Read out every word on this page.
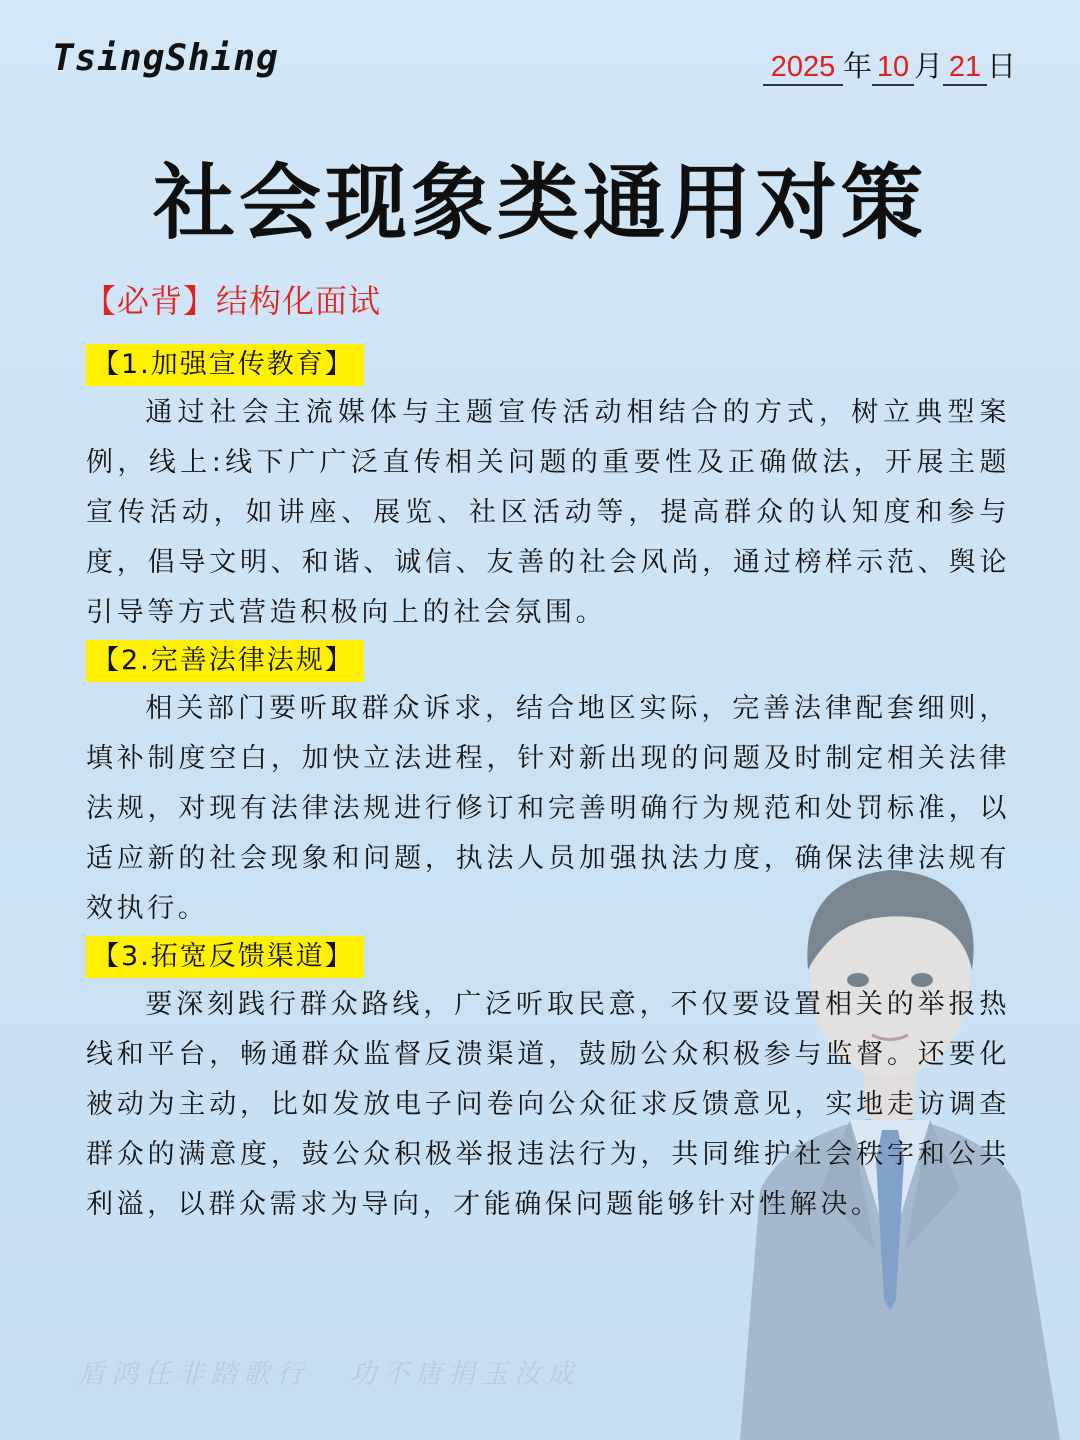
TsingShing	2025 年 10 月 21 日
社会现象类通用对策
【必背】结构化面试
【1.加强宣传教育】

通过社会主流媒体与主题宣传活动相结合的方式，树立典型案例，线上:线下广广泛直传相关问题的重要性及正确做法，开展主题宣传活动，如讲座、展览、社区活动等，提高群众的认知度和参与度，倡导文明、和谐、诚信、友善的社会风尚，通过榜样示范、舆论引导等方式营造积极向上的社会氛围。

【2.完善法律法规】

相关部门要听取群众诉求，结合地区实际，完善法律配套细则，填补制度空白，加快立法进程，针对新出现的问题及时制定相关法律法规，对现有法律法规进行修订和完善明确行为规范和处罚标准，以适应新的社会现象和问题，执法人员加强执法力度，确保法律法规有效执行。

【3.拓宽反馈渠道】

要深刻践行群众路线，广泛听取民意，不仅要设置相关的举报热线和平台，畅通群众监督反溃渠道，鼓励公众积极参与监督。还要化被动为主动，比如发放电子问卷向公众征求反馈意见，实地走访调查群众的满意度，鼓公众积极举报违法行为，共同维护社会秩字和公共利溢，以群众需求为导向，才能确保问题能够针对性解决。

盾鸿任非踏歌行 功不唐捐玉汝成
